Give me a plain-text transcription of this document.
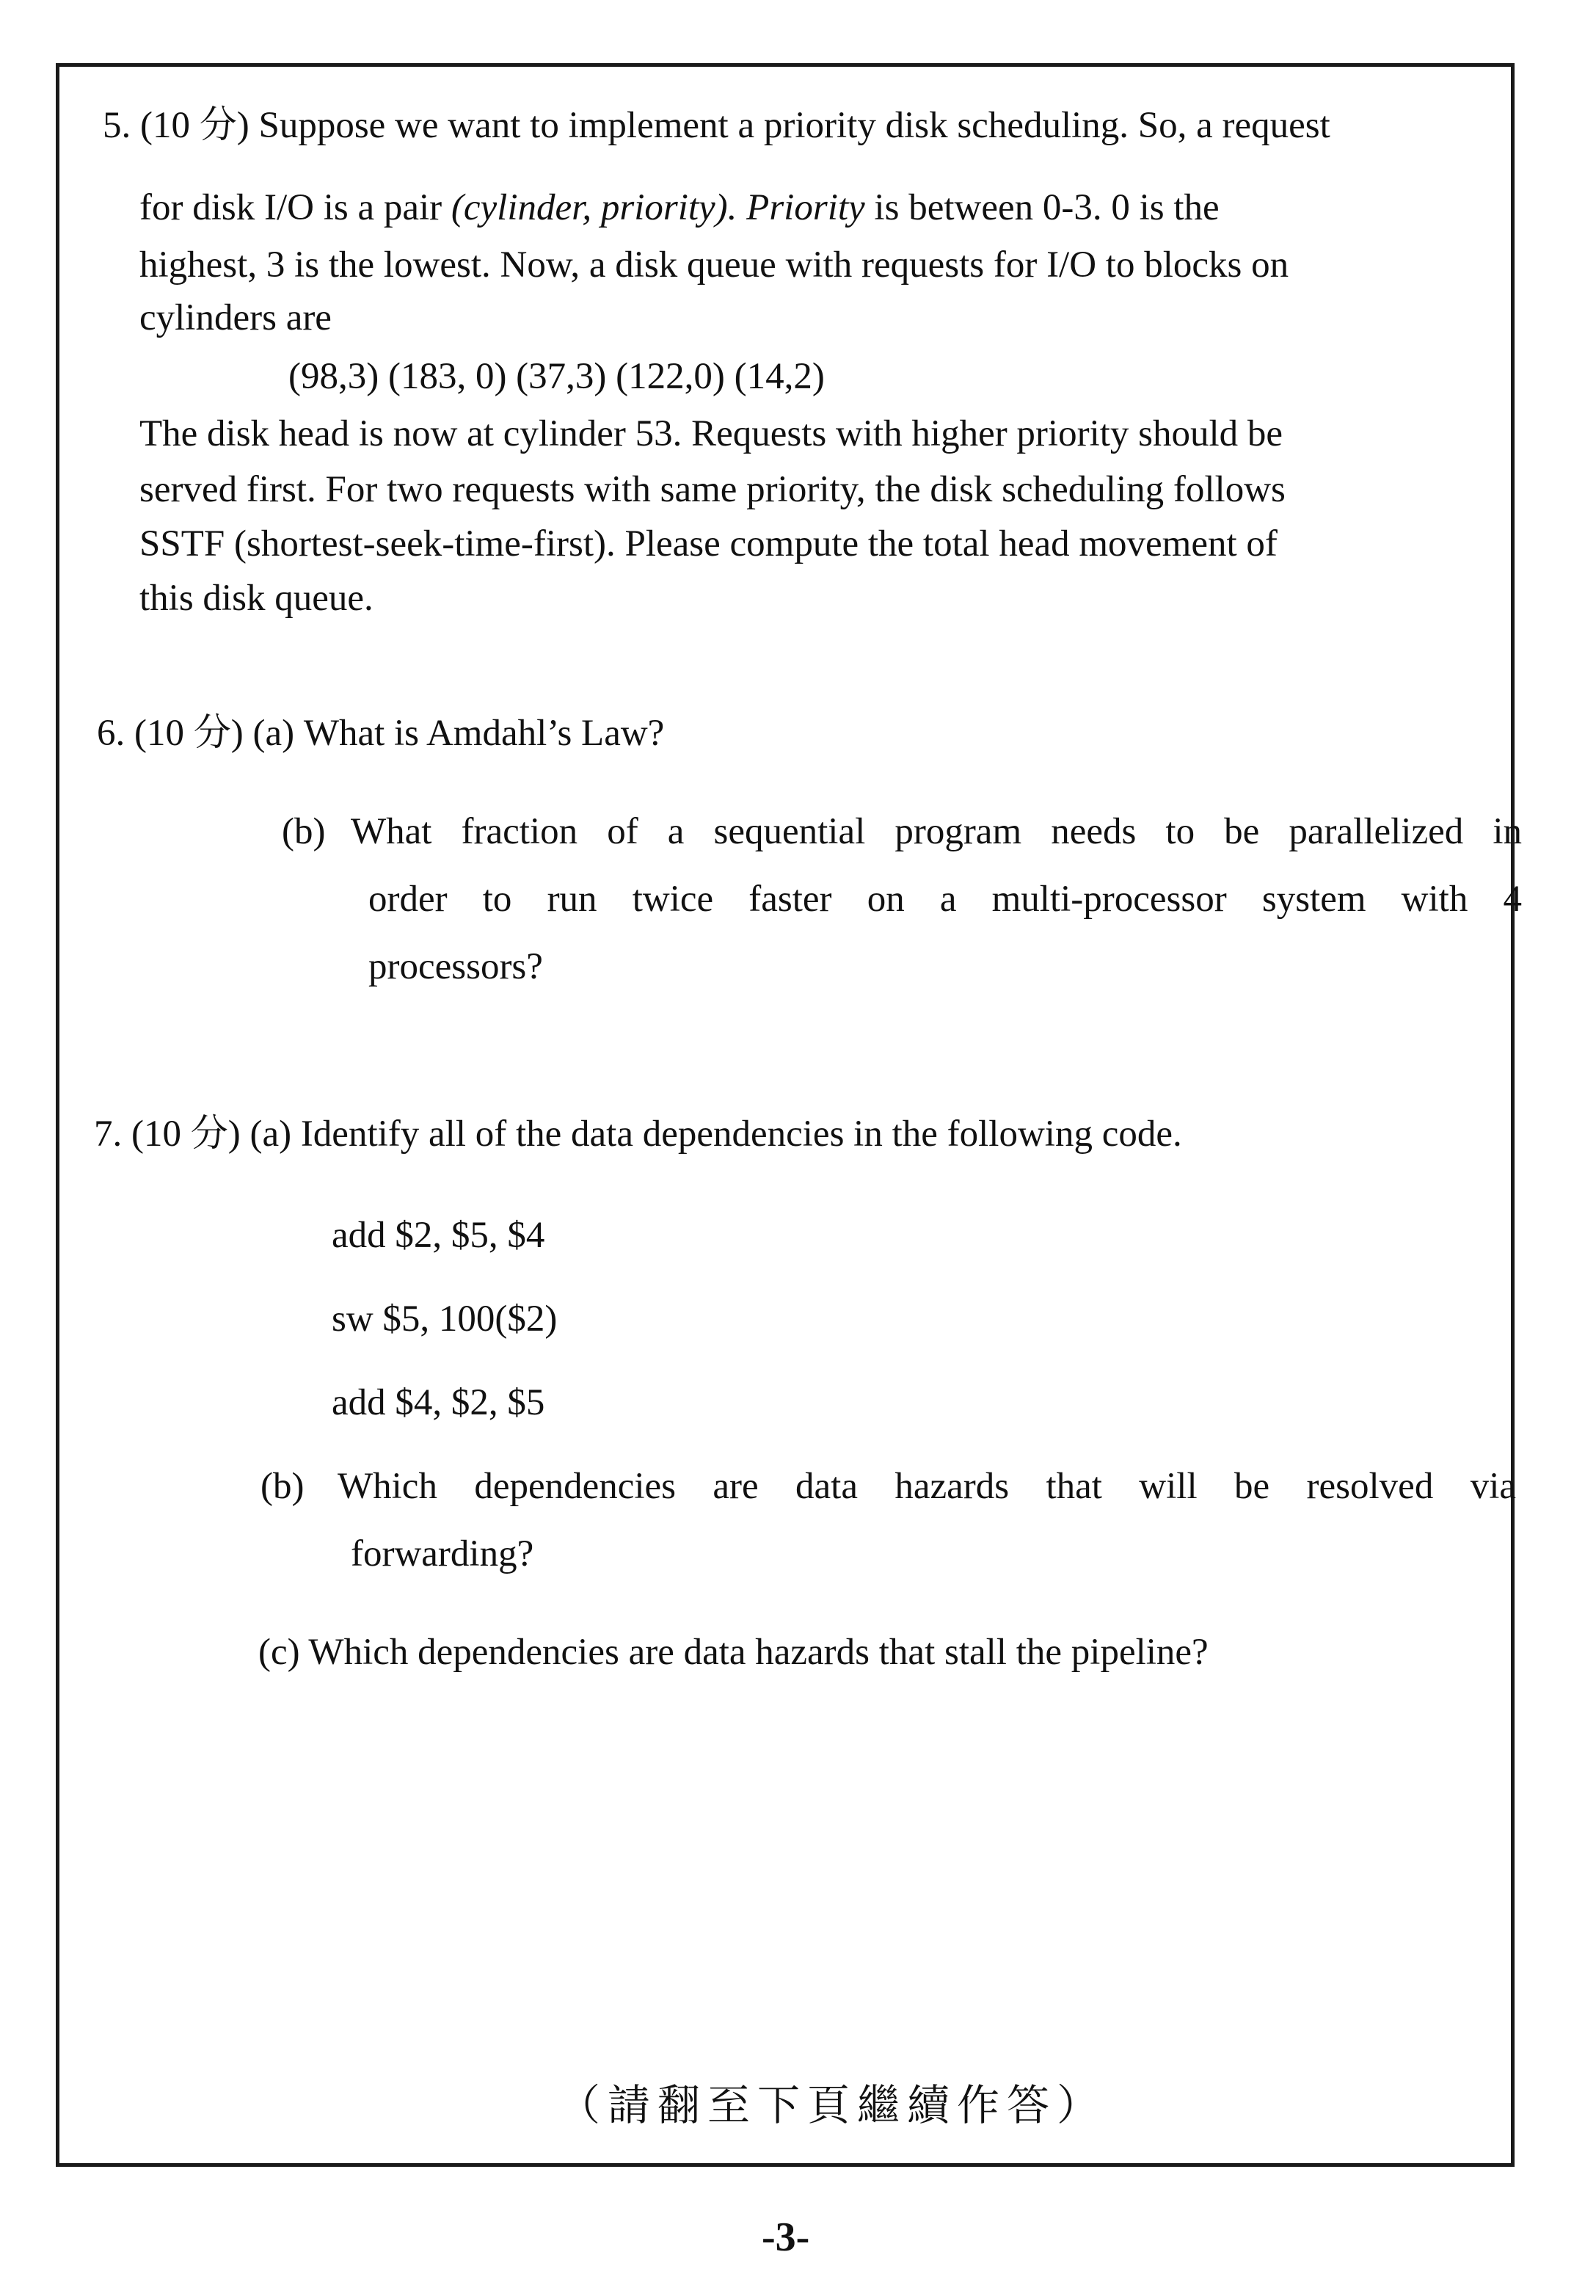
5. (10 分) Suppose we want to implement a priority disk scheduling. So, a request
for disk I/O is a pair (cylinder, priority). Priority is between 0-3. 0 is the
highest, 3 is the lowest. Now, a disk queue with requests for I/O to blocks on
cylinders are
(98,3) (183, 0) (37,3) (122,0) (14,2)
The disk head is now at cylinder 53. Requests with higher priority should be
served first. For two requests with same priority, the disk scheduling follows
SSTF (shortest-seek-time-first). Please compute the total head movement of
this disk queue.
6. (10 分) (a) What is Amdahl’s Law?
(b) What fraction of a sequential program needs to be parallelized in
order to run twice faster on a multi-processor system with 4
processors?
7. (10 分) (a) Identify all of the data dependencies in the following code.
add $2, $5, $4
sw $5, 100($2)
add $4, $2, $5
(b) Which dependencies are data hazards that will be resolved via
forwarding?
(c) Which dependencies are data hazards that stall the pipeline?
（請翻至下頁繼續作答）
-3-
